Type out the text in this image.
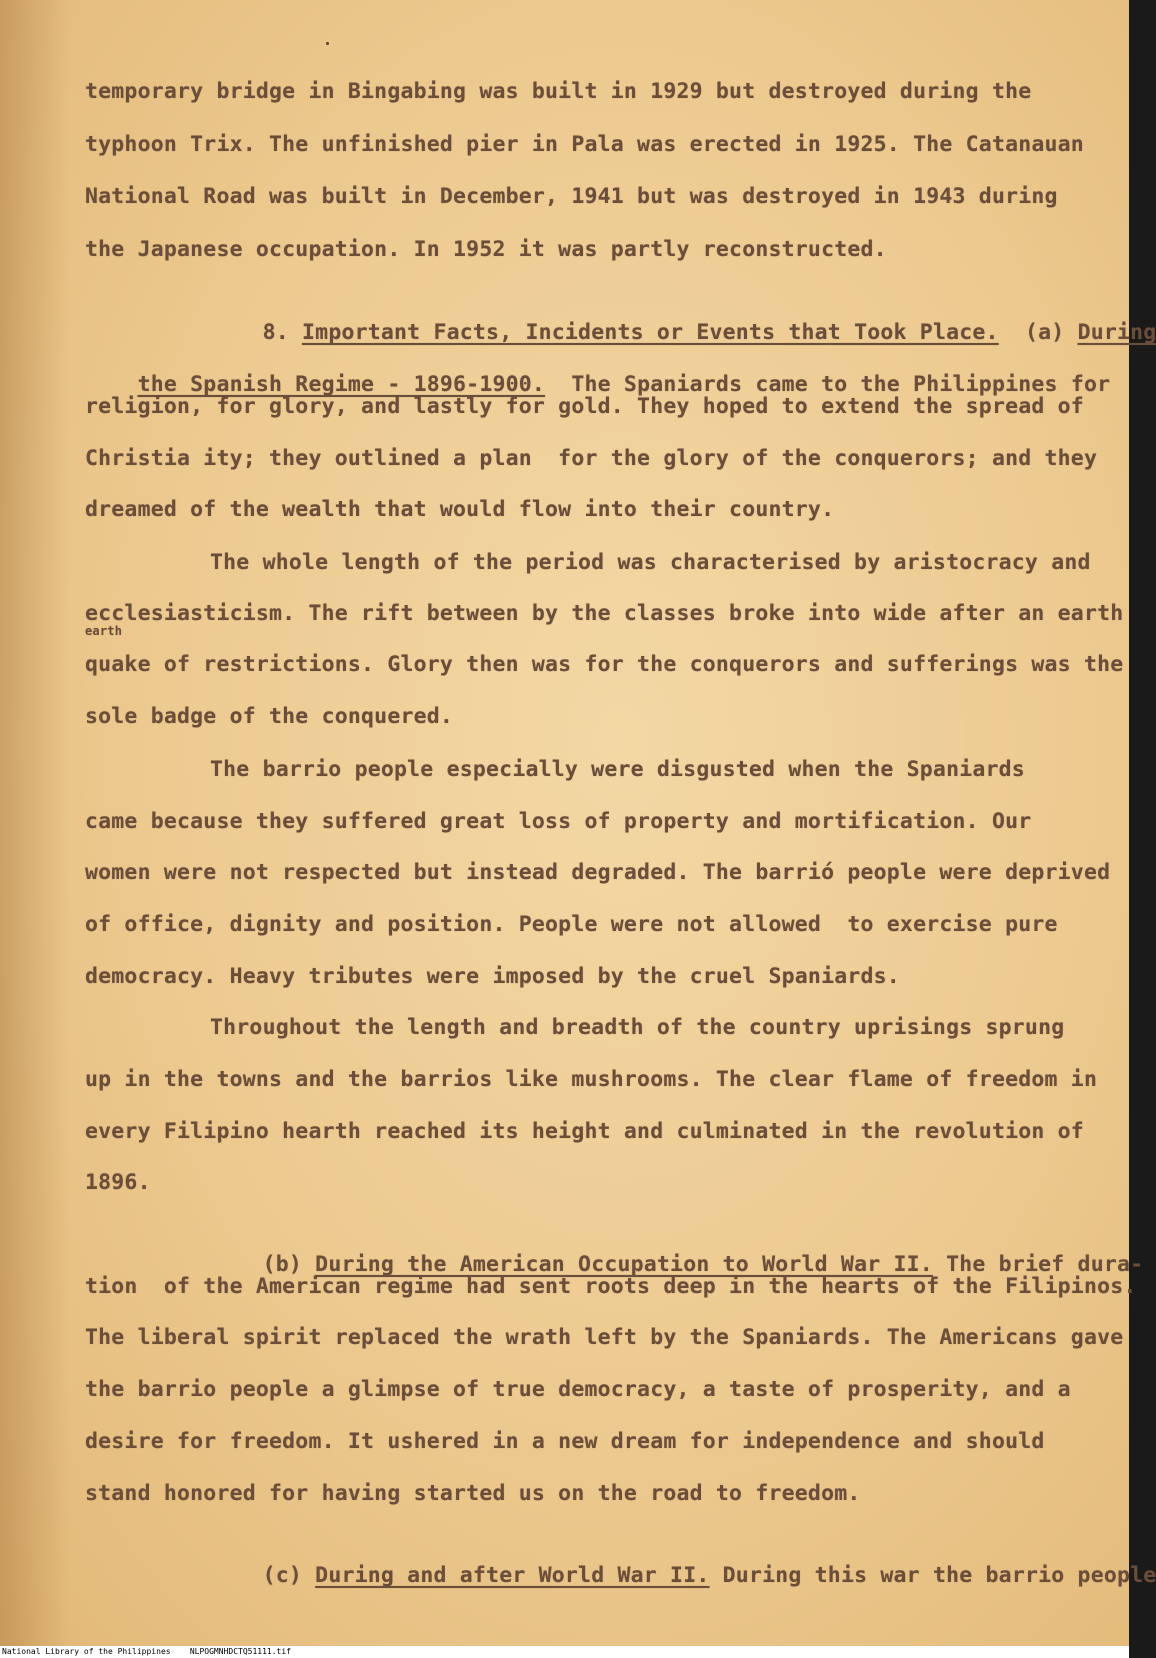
temporary bridge in Bingabing was built in 1929 but destroyed during the
typhoon Trix. The unfinished pier in Pala was erected in 1925. The Catanauan
National Road was built in December, 1941 but was destroyed in 1943 during
the Japanese occupation. In 1952 it was partly reconstructed.

8. Important Facts, Incidents or Events that Took Place. (a) During

the Spanish Regime - 1896-1900. The Spaniards came to the Philippines for

religion, for glory, and lastly for gold. They hoped to extend the spread of
Christia ity; they outlined a plan  for the glory of the conquerors; and they
dreamed of the wealth that would flow into their country.
The whole length of the period was characterised by aristocracy and
ecclesiasticism. The rift between by the classes broke into wide after an earth
earth
quake of restrictions. Glory then was for the conquerors and sufferings was the
sole badge of the conquered.
The barrio people especially were disgusted when the Spaniards
came because they suffered great loss of property and mortification. Our
women were not respected but instead degraded. The barrió people were deprived
of office, dignity and position. People were not allowed  to exercise pure
democracy. Heavy tributes were imposed by the cruel Spaniards.
Throughout the length and breadth of the country uprisings sprung
up in the towns and the barrios like mushrooms. The clear flame of freedom in
every Filipino hearth reached its height and culminated in the revolution of
1896.

(b) During the American Occupation to World War II. The brief dura-

tion  of the American regime had sent roots deep in the hearts of the Filipinos.
The liberal spirit replaced the wrath left by the Spaniards. The Americans gave
the barrio people a glimpse of true democracy, a taste of prosperity, and a
desire for freedom. It ushered in a new dream for independence and should
stand honored for having started us on the road to freedom.

(c) During and after World War II. During this war the barrio people

National Library of the Philippines    NLPOGMNHDCTQ51111.tif
